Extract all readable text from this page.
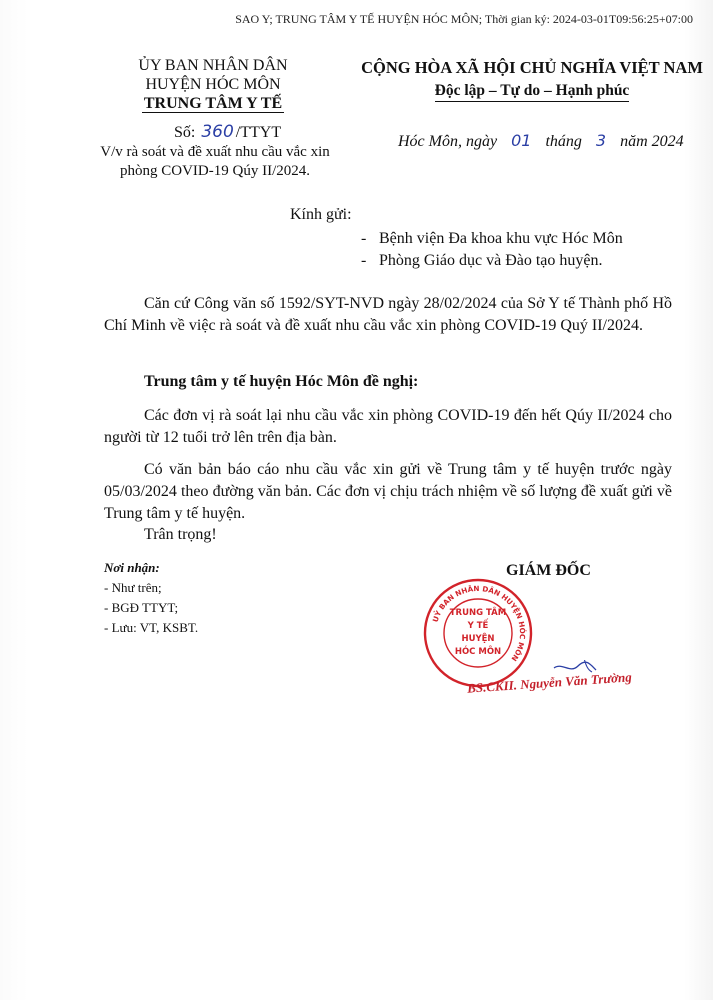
SAO Y; TRUNG TÂM Y TẾ HUYỆN HÓC MÔN; Thời gian ký: 2024-03-01T09:56:25+07:00
ỦY BAN NHÂN DÂN
HUYỆN HÓC MÔN
TRUNG TÂM Y TẾ
CỘNG HÒA XÃ HỘI CHỦ NGHĨA VIỆT NAM
Độc lập – Tự do – Hạnh phúc
Số: 360 /TTYT
V/v rà soát và đề xuất nhu cầu vắc xin phòng COVID-19 Qúy II/2024.
Hóc Môn, ngày 01 tháng 3 năm 2024
Kính gửi:
- Bệnh viện Đa khoa khu vực Hóc Môn
- Phòng Giáo dục và Đào tạo huyện.
Căn cứ Công văn số 1592/SYT-NVD ngày 28/02/2024 của Sở Y tế Thành phố Hồ Chí Minh về việc rà soát và đề xuất nhu cầu vắc xin phòng COVID-19 Quý II/2024.
Trung tâm y tế huyện Hóc Môn đề nghị:
Các đơn vị rà soát lại nhu cầu vắc xin phòng COVID-19 đến hết Qúy II/2024 cho người từ 12 tuổi trở lên trên địa bàn.
Có văn bản báo cáo nhu cầu vắc xin gửi về Trung tâm y tế huyện trước ngày 05/03/2024 theo đường văn bản. Các đơn vị chịu trách nhiệm về số lượng đề xuất gửi về Trung tâm y tế huyện.
Trân trọng!
Nơi nhận:
- Như trên;
- BGĐ TTYT;
- Lưu: VT, KSBT.
GIÁM ĐỐC
UỶ BAN NHÂN DÂN HUYỆN HÓC MÔN
TRUNG TÂM
Y TẾ
HUYỆN
HÓC MÔN
BS.CKII. Nguyễn Văn Trường
